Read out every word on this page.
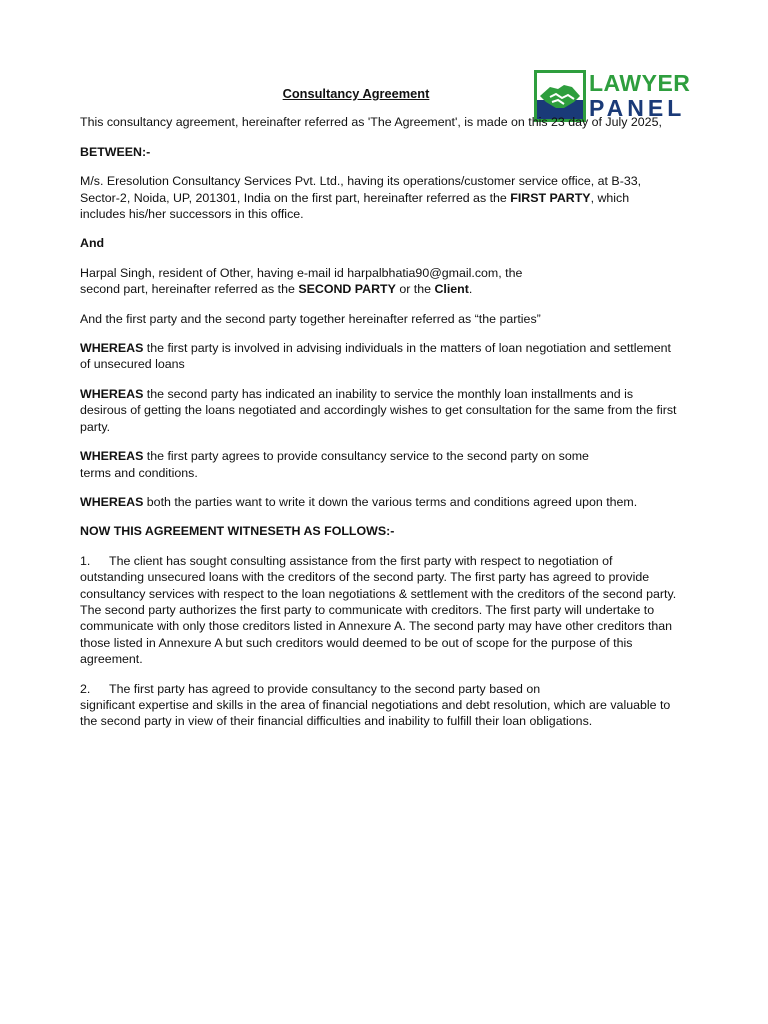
LAWYER
PANEL
Consultancy Agreement

This consultancy agreement, hereinafter referred as 'The Agreement', is made on this 23 day of July 2025,

BETWEEN:-

M/s. Eresolution Consultancy Services Pvt. Ltd., having its operations/customer service office, at B-33, Sector-2, Noida, UP, 201301, India on the first part, hereinafter referred as the FIRST PARTY, which includes his/her successors in this office.

And

Harpal Singh, resident of Other, having e-mail id harpalbhatia90@gmail.com, the
second part, hereinafter referred as the SECOND PARTY or the Client.

And the first party and the second party together hereinafter referred as “the parties”

WHEREAS the first party is involved in advising individuals in the matters of loan negotiation and settlement of unsecured loans

WHEREAS the second party has indicated an inability to service the monthly loan installments and is desirous of getting the loans negotiated and accordingly wishes to get consultation for the same from the first party.

WHEREAS the first party agrees to provide consultancy service to the second party on some
terms and conditions.

WHEREAS both the parties want to write it down the various terms and conditions agreed upon them.

NOW THIS AGREEMENT WITNESETH AS FOLLOWS:-

1. The client has sought consulting assistance from the first party with respect to negotiation of outstanding unsecured loans with the creditors of the second party. The first party has agreed to provide consultancy services with respect to the loan negotiations & settlement with the creditors of the second party. The second party authorizes the first party to communicate with creditors. The first party will undertake to communicate with only those creditors listed in Annexure A. The second party may have other creditors than those listed in Annexure A but such creditors would deemed to be out of scope for the purpose of this agreement.

2. The first party has agreed to provide consultancy to the second party based on
significant expertise and skills in the area of financial negotiations and debt resolution, which are valuable to the second party in view of their financial difficulties and inability to fulfill their loan obligations.
